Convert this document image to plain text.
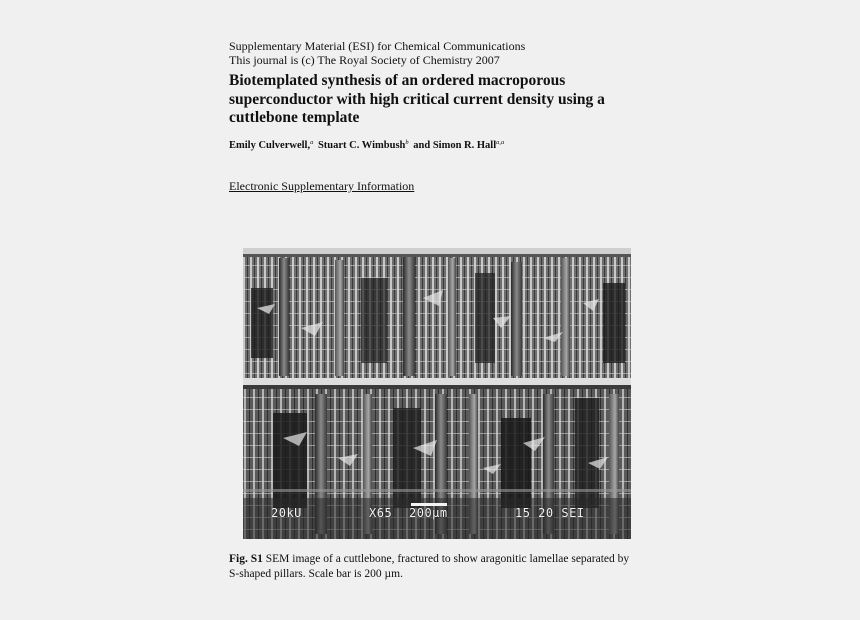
Supplementary Material (ESI) for Chemical Communications
This journal is (c) The Royal Society of Chemistry 2007
Biotemplated synthesis of an ordered macroporous superconductor with high critical current density using a cuttlebone template
Emily Culverwell,$^a$ Stuart C. Wimbush$^b$ and Simon R. Hall$^{a,a}$
Electronic Supplementary Information
20kU	X65 200µm	15 20 SEI
Fig. S1 SEM image of a cuttlebone, fractured to show aragonitic lamellae separated by S-shaped pillars. Scale bar is 200 µm.
